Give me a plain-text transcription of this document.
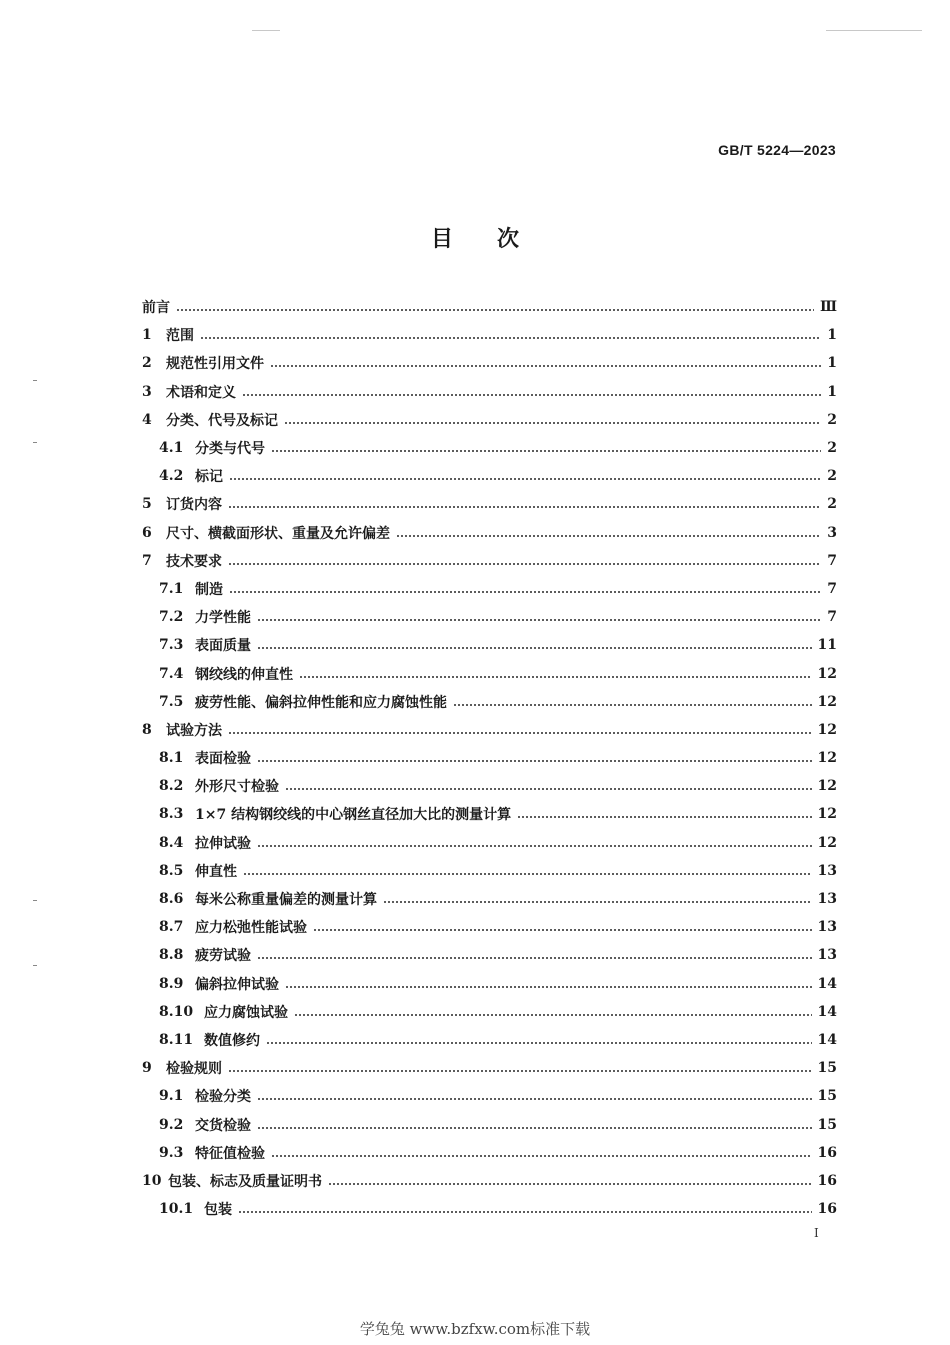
GB/T 5224—2023
目次
前言	Ⅲ
1	范围	1
2	规范性引用文件	1
3	术语和定义	1
4	分类、代号及标记	2
4.1 分类与代号	2
4.2 标记	2
5	订货内容	2
6	尺寸、横截面形状、重量及允许偏差	3
7	技术要求	7
7.1 制造	7
7.2 力学性能	7
7.3 表面质量	11
7.4 钢绞线的伸直性	12
7.5 疲劳性能、偏斜拉伸性能和应力腐蚀性能	12
8	试验方法	12
8.1 表面检验	12
8.2 外形尺寸检验	12
8.3 1×7 结构钢绞线的中心钢丝直径加大比的测量计算	12
8.4 拉伸试验	12
8.5 伸直性	13
8.6 每米公称重量偏差的测量计算	13
8.7 应力松弛性能试验	13
8.8 疲劳试验	13
8.9 偏斜拉伸试验	14
8.10 应力腐蚀试验	14
8.11 数值修约	14
9	检验规则	15
9.1 检验分类	15
9.2 交货检验	15
9.3 特征值检验	16
10 包装、标志及质量证明书	16
10.1 包装	16
I
学兔兔 www.bzfxw.com标准下载
